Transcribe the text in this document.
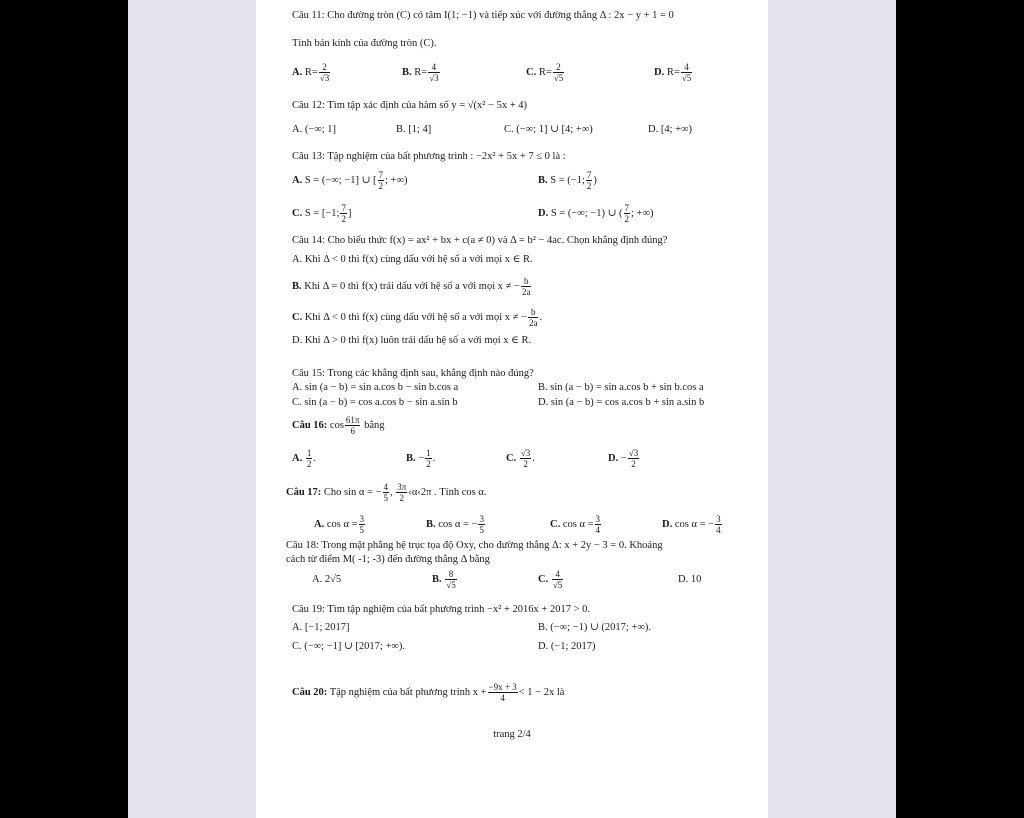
Câu 11: Cho đường tròn (C) có tâm I(1; −1) và tiếp xúc với đường thẳng Δ : 2x − y + 1 = 0
Tính bán kính của đường tròn (C).
A. $R= \frac{2}{√3}$	B. $R= \frac{4}{√3}$	C. $R= \frac{2}{√5}$	D. $R= \frac{4}{√5}$
Câu 12: Tìm tập xác định của hàm số y = √(x² − 5x + 4)
A. (−∞; 1]	B. [1; 4]	C. (−∞; 1] ∪ [4; +∞)	D. [4; +∞)
Câu 13: Tập nghiệm của bất phương trình : −2x² + 5x + 7 ≤ 0 là :
A. S = (−∞; −1] ∪ [ $\frac{7}{2}$ ; +∞)	B. S = (−1; $\frac{7}{2}$ )
C. S = [−1; $\frac{7}{2}$ ]	D. S = (−∞; −1) ∪ ( $\frac{7}{2}$ ; +∞)
Câu 14: Cho biểu thức f(x) = ax² + bx + c(a ≠ 0) và Δ = b² − 4ac. Chọn khẳng định đúng?
A. Khi Δ < 0 thì f(x) cùng dấu với hệ số a với mọi x ∈ R.
B. Khi Δ = 0 thì f(x) trái dấu với hệ số a với mọi x ≠ − $\frac{b}{2a}$
C. Khi Δ < 0 thì f(x) cùng dấu với hệ số a với mọi x ≠ − $\frac{b}{2a}$ .
D. Khi Δ > 0 thì f(x) luôn trái dấu hệ số a với mọi x ∈ R.
Câu 15: Trong các khẳng định sau, khẳng định nào đúng?
A. sin (a − b) = sin a.cos b − sin b.cos a	B. sin (a − b) = sin a.cos b + sin b.cos a
C. sin (a − b) = cos a.cos b − sin a.sin b	D. sin (a − b) = cos a.cos b + sin a.sin b
Câu 16: $\cos \frac{61\pi}{6}$ bằng
A. $\frac{1}{2}$ .	B. − $\frac{1}{2}$ .	C. $\frac{√3}{2}$ .	D. − $\frac{√3}{2}$
Câu 17: Cho sin α = − $\frac{4}{5}$ , $\frac{3\pi}{2}$ ‹α‹2π . Tính cos α.
A. $\cos \alpha = \frac{3}{5}$	B. cos α = − $\frac{3}{5}$	C. $\cos \alpha = \frac{3}{4}$	D. cos α = − $\frac{3}{4}$
Câu 18: Trong mặt phẳng hệ trục tọa độ Oxy, cho đường thẳng Δ: x + 2y − 3 = 0. Khoảng
cách từ điểm M( -1; -3) đến đường thẳng Δ bằng
A. 2√5	B. $\frac{8}{√5}$	C. $\frac{4}{√5}$	D. 10
Câu 19: Tìm tập nghiệm của bất phương trình −x² + 2016x + 2017 > 0.
A. [−1; 2017]	B. (−∞; −1) ∪ (2017; +∞).
C. (−∞; −1] ∪ [2017; +∞).	D. (−1; 2017)
Câu 20: Tập nghiệm của bất phương trình $x + \frac{-9x + 3}{4} < 1 - 2x$ là
trang 2/4
